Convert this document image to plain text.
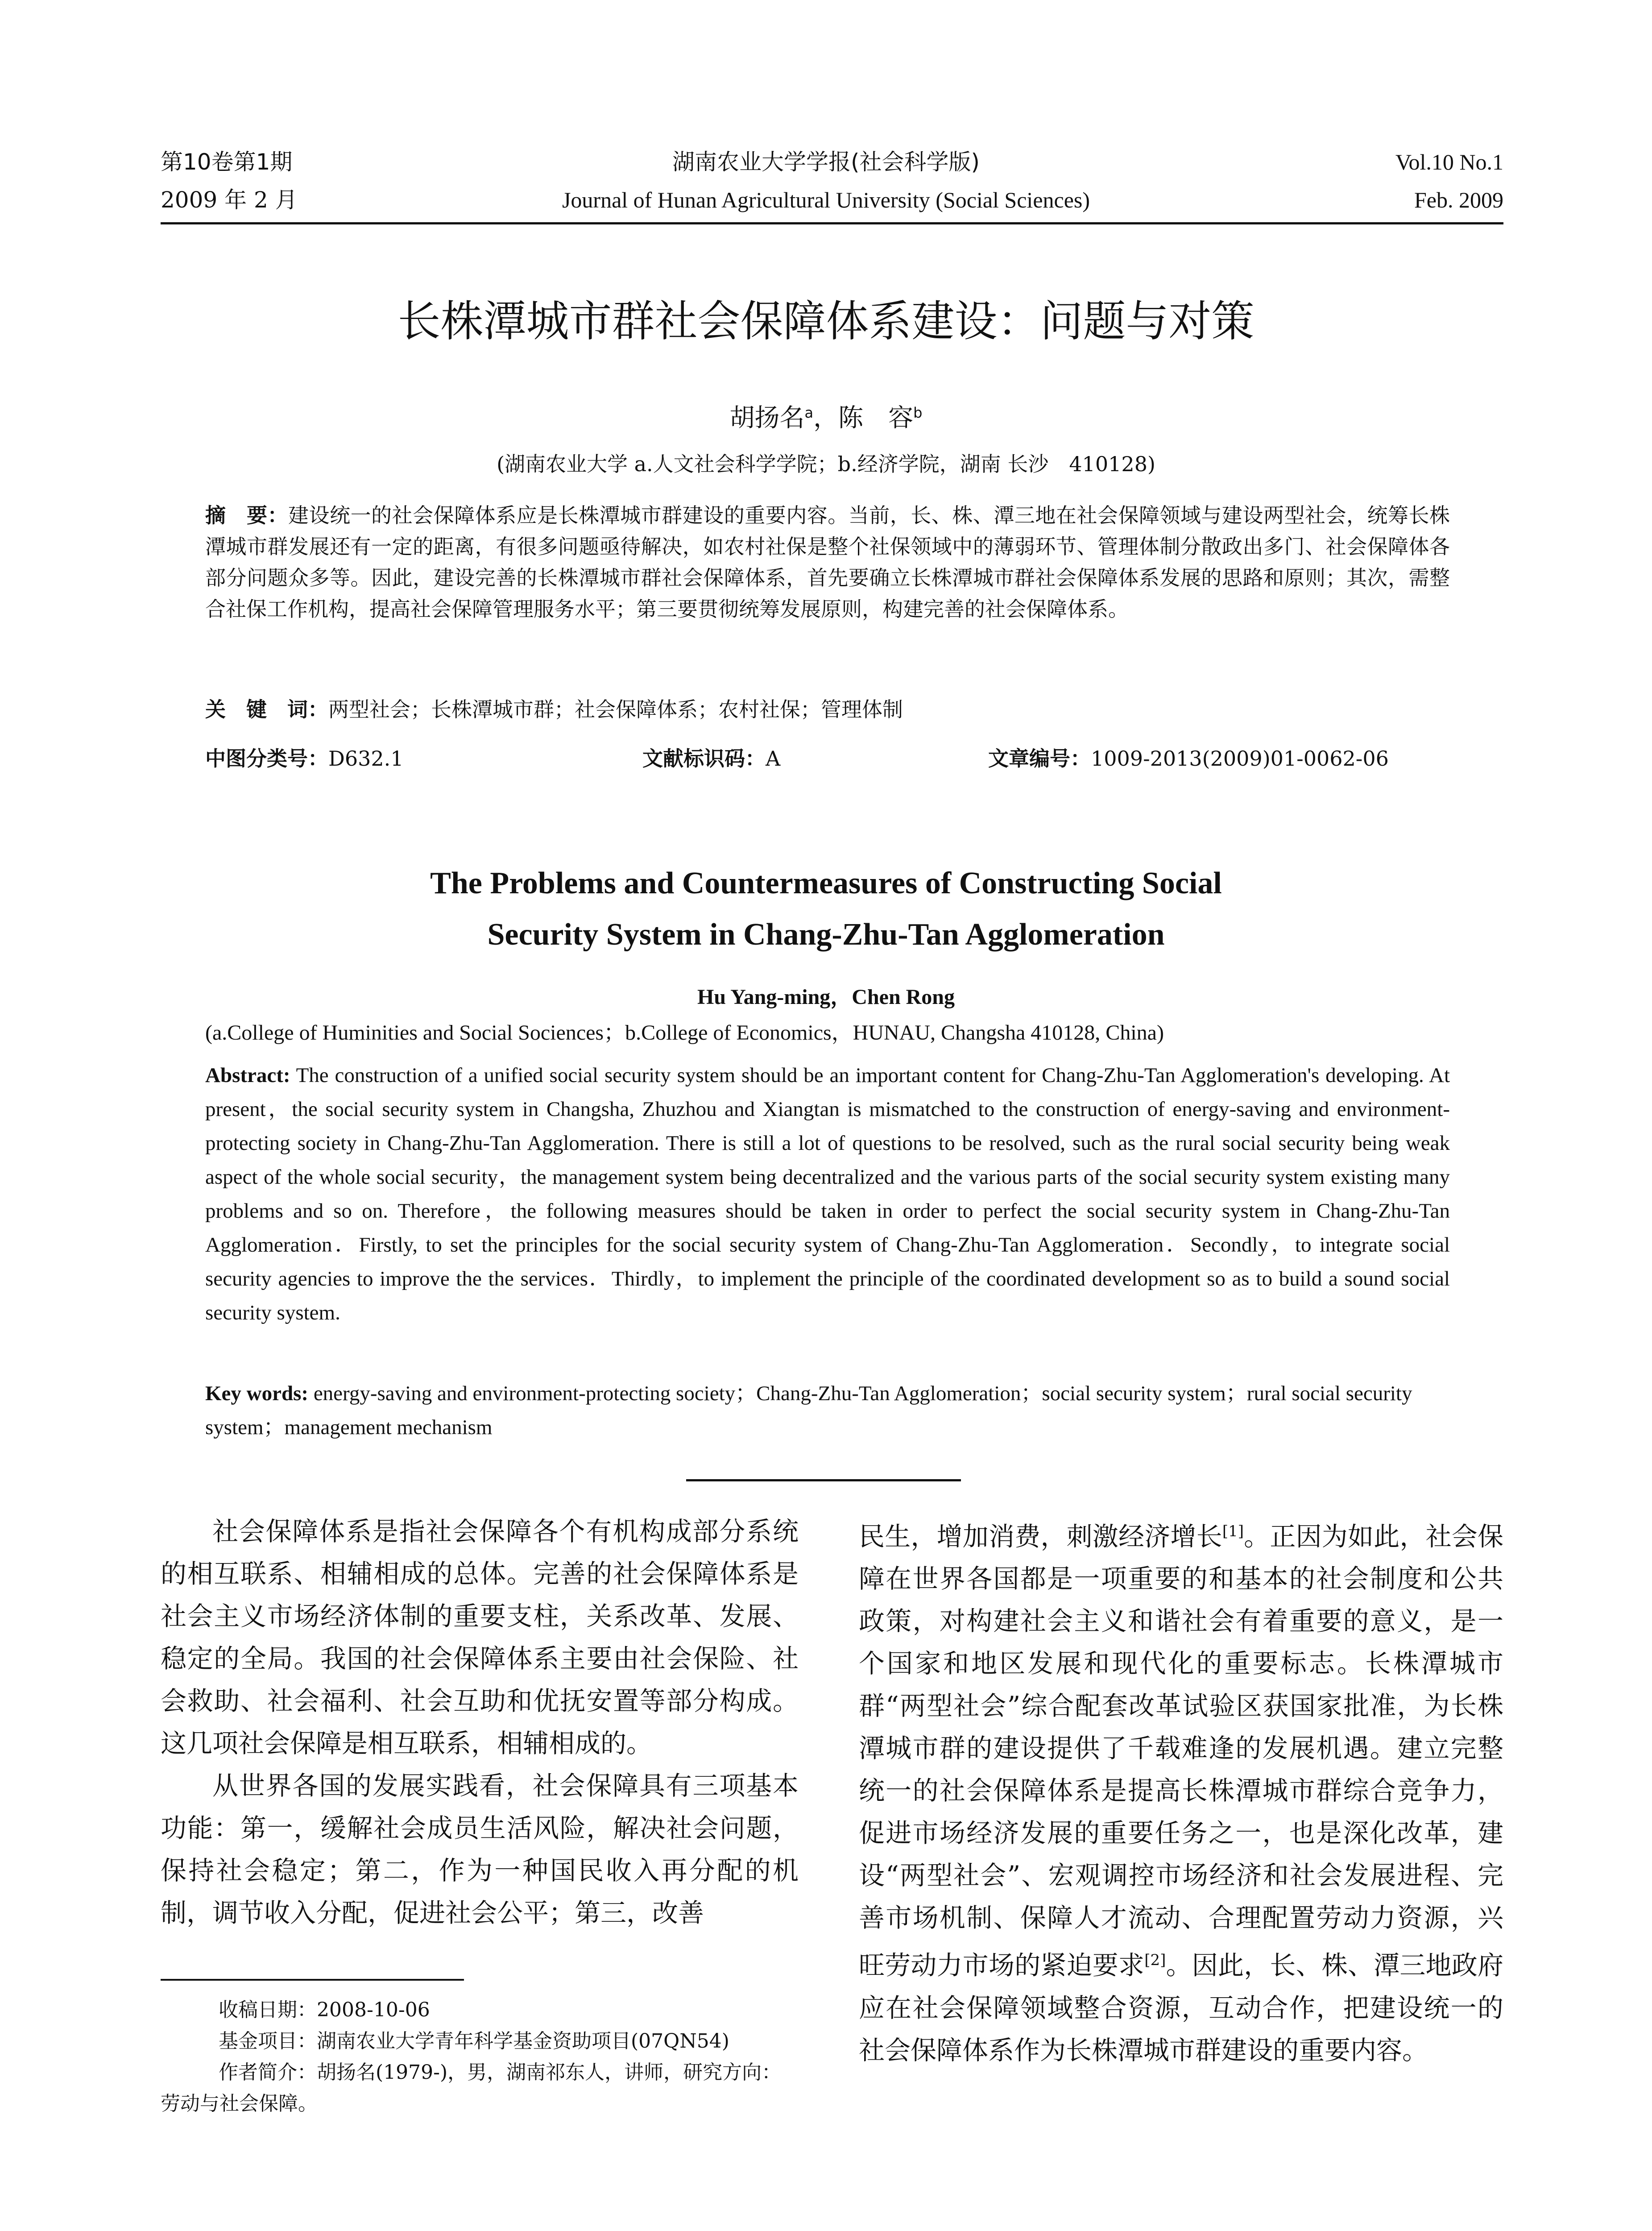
第10卷第1期
2009 年 2 月
湖南农业大学学报(社会科学版)
Journal of Hunan Agricultural University (Social Sciences)
Vol.10 No.1
Feb. 2009
长株潭城市群社会保障体系建设：问题与对策
胡扬名$^a$，陈　容$^b$
(湖南农业大学 a.人文社会科学学院；b.经济学院，湖南 长沙　410128)
摘　要：建设统一的社会保障体系应是长株潭城市群建设的重要内容。当前，长、株、潭三地在社会保障领域与建设两型社会，统筹长株潭城市群发展还有一定的距离，有很多问题亟待解决，如农村社保是整个社保领域中的薄弱环节、管理体制分散政出多门、社会保障体各部分问题众多等。因此，建设完善的长株潭城市群社会保障体系，首先要确立长株潭城市群社会保障体系发展的思路和原则；其次，需整合社保工作机构，提高社会保障管理服务水平；第三要贯彻统筹发展原则，构建完善的社会保障体系。
关　键　词：两型社会；长株潭城市群；社会保障体系；农村社保；管理体制
中图分类号：D632.1	文献标识码：A	文章编号：1009-2013(2009)01-0062-06
The Problems and Countermeasures of Constructing Social
Security System in Chang-Zhu-Tan Agglomeration
Hu Yang-ming，Chen Rong
(a.College of Huminities and Social Sociences；b.College of Economics，HUNAU, Changsha 410128, China)
Abstract: The construction of a unified social security system should be an important content for Chang-Zhu-Tan Agglomeration's developing. At present，the social security system in Changsha, Zhuzhou and Xiangtan is mismatched to the construction of energy-saving and environment-protecting society in Chang-Zhu-Tan Agglomeration. There is still a lot of questions to be resolved, such as the rural social security being weak aspect of the whole social security，the management system being decentralized and the various parts of the social security system existing many problems and so on. Therefore，the following measures should be taken in order to perfect the social security system in Chang-Zhu-Tan Agglomeration．Firstly, to set the principles for the social security system of Chang-Zhu-Tan Agglomeration．Secondly，to integrate social security agencies to improve the the services．Thirdly，to implement the principle of the coordinated development so as to build a sound social security system.
Key words: energy-saving and environment-protecting society；Chang-Zhu-Tan Agglomeration；social security system；rural social security system；management mechanism

社会保障体系是指社会保障各个有机构成部分系统的相互联系、相辅相成的总体。完善的社会保障体系是社会主义市场经济体制的重要支柱，关系改革、发展、稳定的全局。我国的社会保障体系主要由社会保险、社会救助、社会福利、社会互助和优抚安置等部分构成。这几项社会保障是相互联系，相辅相成的。

从世界各国的发展实践看，社会保障具有三项基本功能：第一，缓解社会成员生活风险，解决社会问题，保持社会稳定；第二，作为一种国民收入再分配的机制，调节收入分配，促进社会公平；第三，改善

民生，增加消费，刺激经济增长[1]。正因为如此，社会保障在世界各国都是一项重要的和基本的社会制度和公共政策，对构建社会主义和谐社会有着重要的意义，是一个国家和地区发展和现代化的重要标志。长株潭城市群“两型社会”综合配套改革试验区获国家批准，为长株潭城市群的建设提供了千载难逢的发展机遇。建立完整统一的社会保障体系是提高长株潭城市群综合竞争力，促进市场经济发展的重要任务之一，也是深化改革，建设“两型社会”、宏观调控市场经济和社会发展进程、完善市场机制、保障人才流动、合理配置劳动力资源，兴旺劳动力市场的紧迫要求[2]。因此，长、株、潭三地政府应在社会保障领域整合资源，互动合作，把建设统一的社会保障体系作为长株潭城市群建设的重要内容。

收稿日期：2008-10-06

基金项目：湖南农业大学青年科学基金资助项目(07QN54)

作者简介：胡扬名(1979-)，男，湖南祁东人，讲师，研究方向：劳动与社会保障。
